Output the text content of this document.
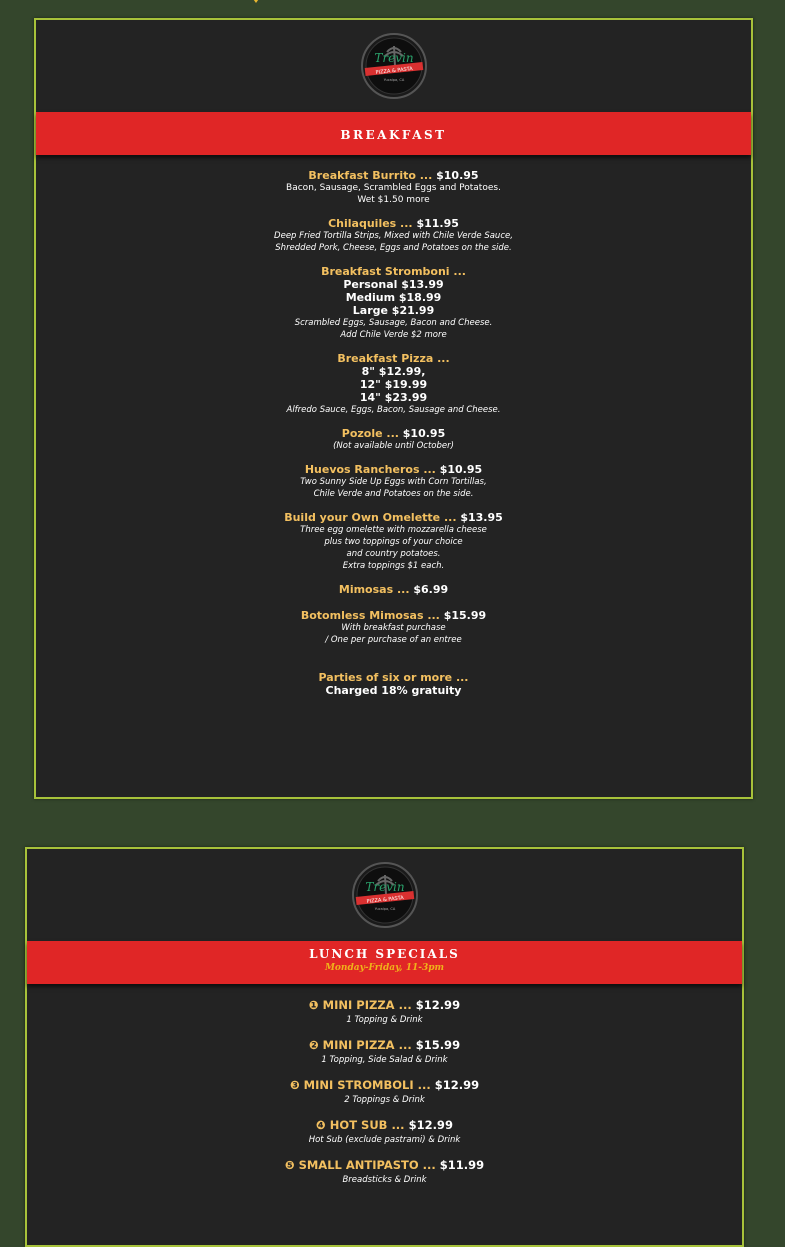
Trevin
PIZZA & PASTA
Yucaipa, CA
BREAKFAST
Breakfast Burrito ... $10.95
Bacon, Sausage, Scrambled Eggs and Potatoes.
Wet $1.50 more
Chilaquiles ... $11.95
Deep Fried Tortilla Strips, Mixed with Chile Verde Sauce,
Shredded Pork, Cheese, Eggs and Potatoes on the side.
Breakfast Stromboni ...
Personal $13.99
Medium $18.99
Large $21.99
Scrambled Eggs, Sausage, Bacon and Cheese.
Add Chile Verde $2 more
Breakfast Pizza ...
8" $12.99,
12" $19.99
14" $23.99
Alfredo Sauce, Eggs, Bacon, Sausage and Cheese.
Pozole ... $10.95
(Not available until October)
Huevos Rancheros ... $10.95
Two Sunny Side Up Eggs with Corn Tortillas,
Chile Verde and Potatoes on the side.
Build your Own Omelette ... $13.95
Three egg omelette with mozzarella cheese
plus two toppings of your choice
and country potatoes.
Extra toppings $1 each.
Mimosas ... $6.99
Botomless Mimosas ... $15.99
With breakfast purchase
/ One per purchase of an entree
Parties of six or more ...
Charged 18% gratuity
Trevin
PIZZA & PASTA
Yucaipa, CA
LUNCH SPECIALS
Monday-Friday, 11-3pm
❶ MINI PIZZA ... $12.99
1 Topping & Drink
❷ MINI PIZZA ... $15.99
1 Topping, Side Salad & Drink
❸ MINI STROMBOLI ... $12.99
2 Toppings & Drink
❹ HOT SUB ... $12.99
Hot Sub (exclude pastrami) & Drink
❺ SMALL ANTIPASTO ... $11.99
Breadsticks & Drink
